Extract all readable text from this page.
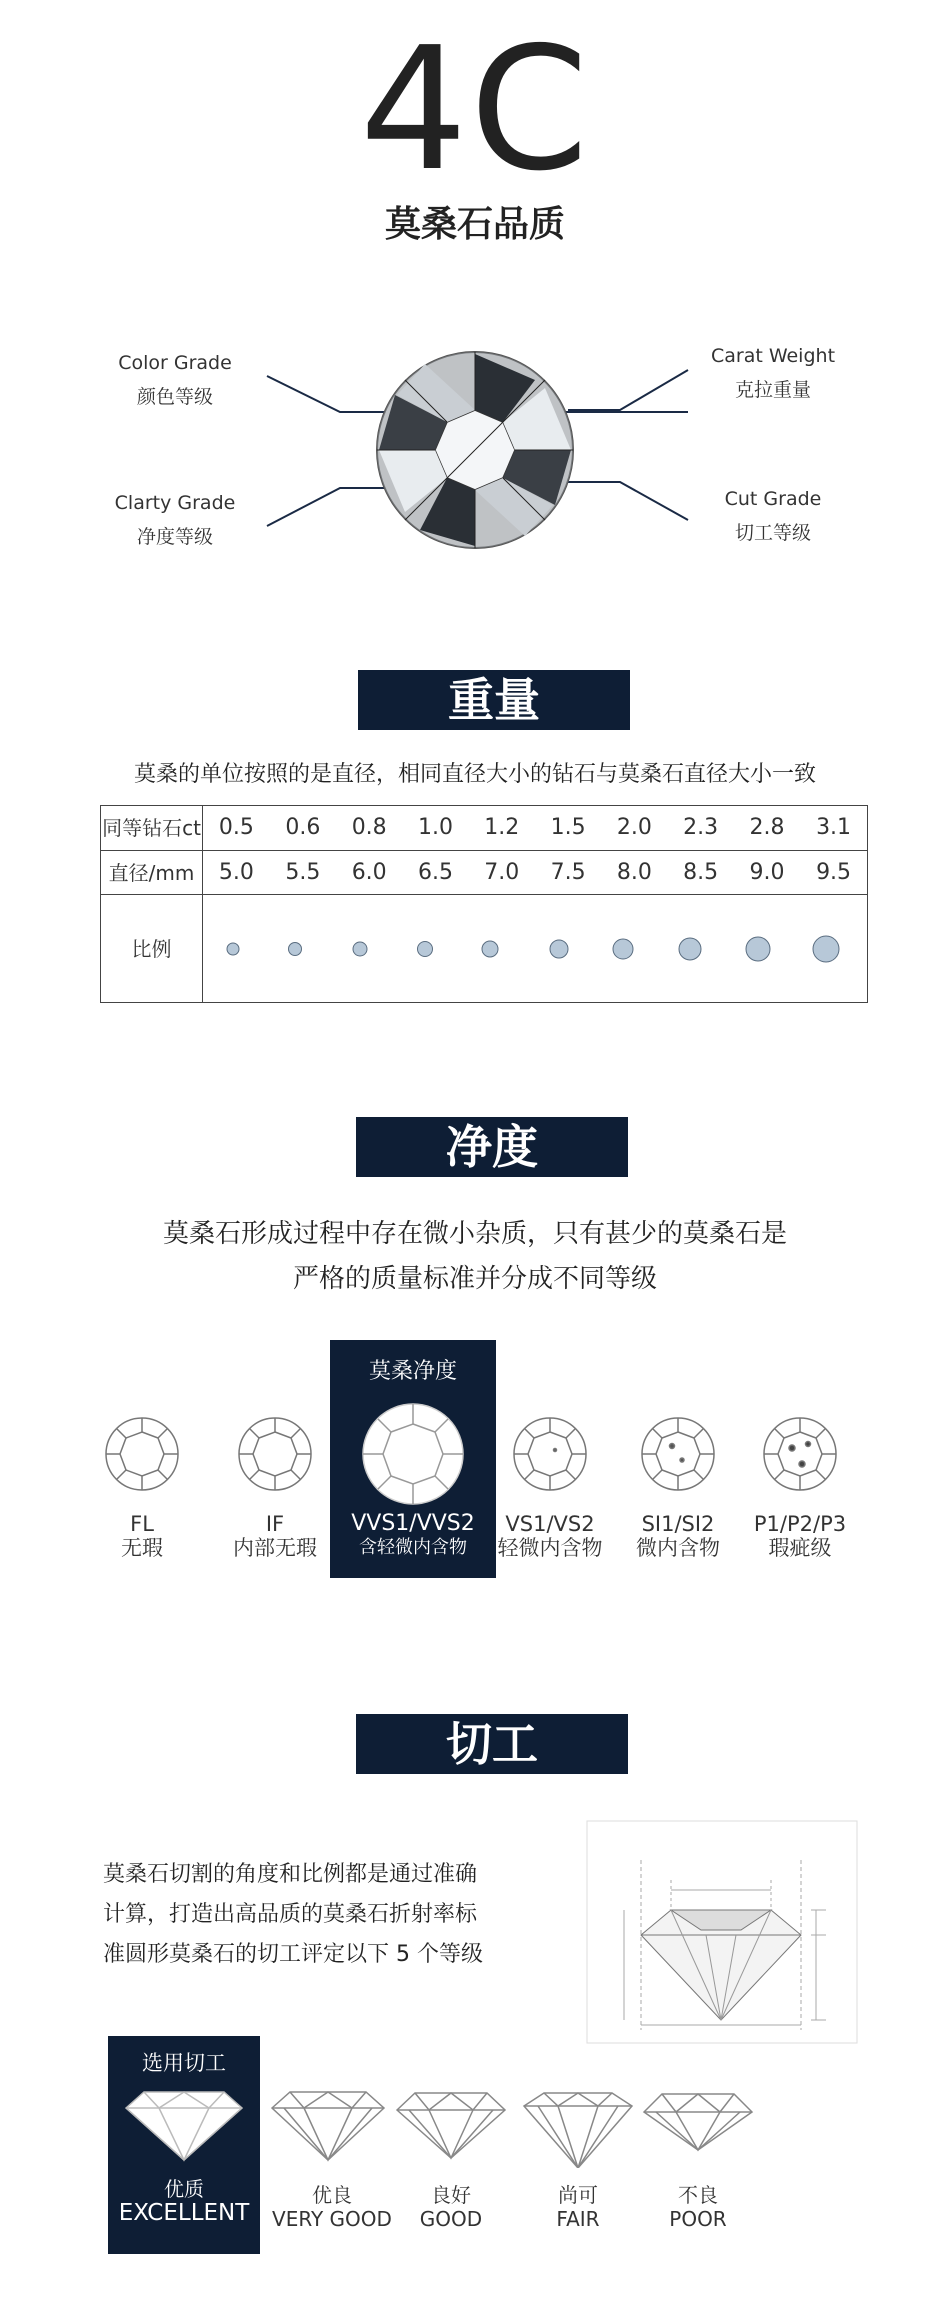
4C
莫桑石品质
Color Grade
颜色等级
Clarty Grade
净度等级
Carat Weight
克拉重量
Cut Grade
切工等级
重量
莫桑的单位按照的是直径，相同直径大小的钻石与莫桑石直径大小一致
同等钻石ct	0.5	0.6	0.8	1.0	1.2	1.5	2.0	2.3	2.8	3.1
直径/mm	5.0	5.5	6.0	6.5	7.0	7.5	8.0	8.5	9.0	9.5
比例	
净度
莫桑石形成过程中存在微小杂质，只有甚少的莫桑石是
严格的质量标准并分成不同等级
莫桑净度
FL
无瑕
IF
内部无瑕
VVS1/VVS2
含轻微内含物
VS1/VS2
轻微内含物
SI1/SI2
微内含物
P1/P2/P3
瑕疵级
切工
莫桑石切割的角度和比例都是通过准确
计算，打造出高品质的莫桑石折射率标
准圆形莫桑石的切工评定以下 5 个等级
选用切工
优质
EXCELLENT
优良
VERY GOOD
良好
GOOD
尚可
FAIR
不良
POOR
